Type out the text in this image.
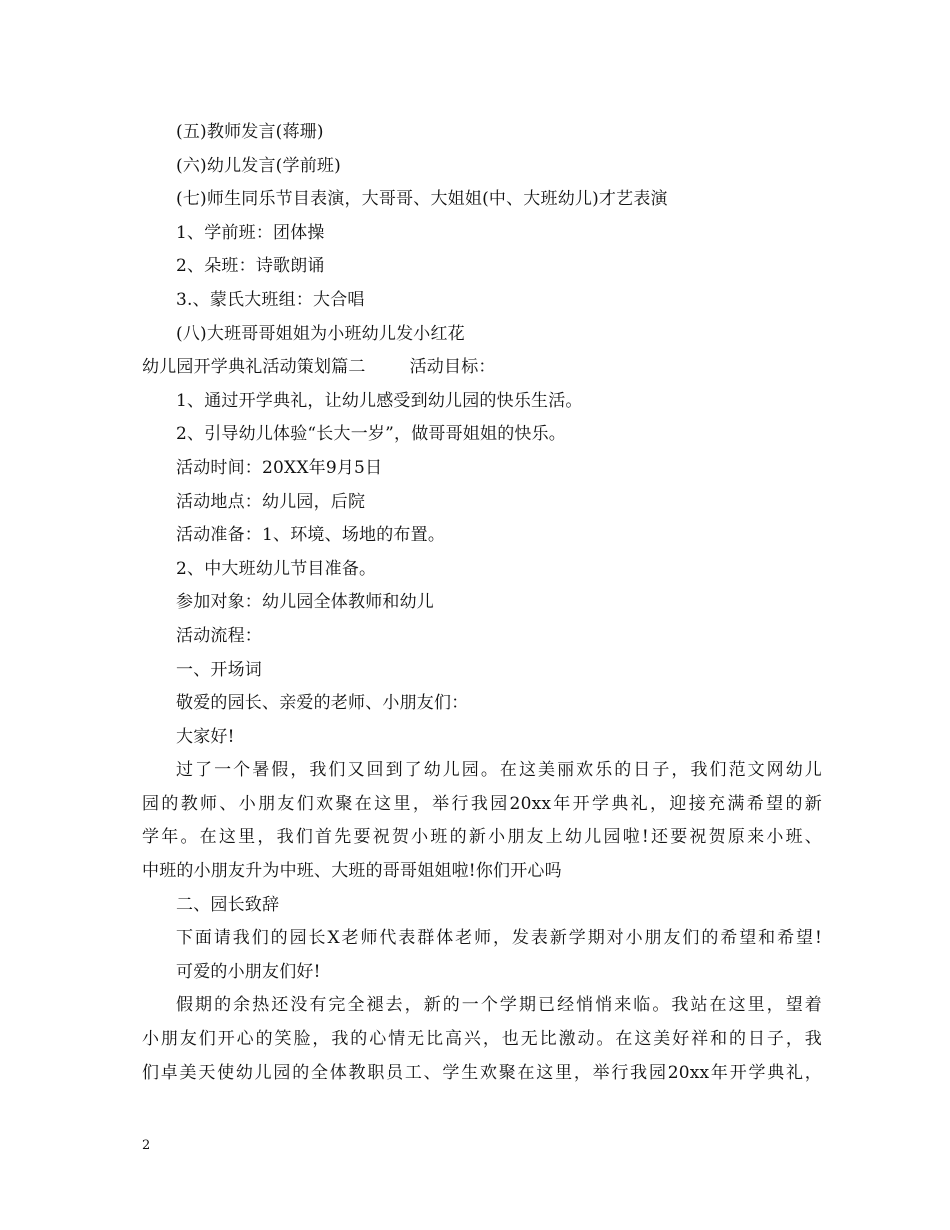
(五)教师发言(蒋珊)
(六)幼儿发言(学前班)
(七)师生同乐节目表演，大哥哥、大姐姐(中、大班幼儿)才艺表演
1、学前班：团体操
2、朵班：诗歌朗诵
3.、蒙氏大班组：大合唱
(八)大班哥哥姐姐为小班幼儿发小红花
幼儿园开学典礼活动策划篇二	活动目标：
1、通过开学典礼，让幼儿感受到幼儿园的快乐生活。
2、引导幼儿体验“长大一岁”，做哥哥姐姐的快乐。
活动时间：20XX年9月5日
活动地点：幼儿园，后院
活动准备：1、环境、场地的布置。
2、中大班幼儿节目准备。
参加对象：幼儿园全体教师和幼儿
活动流程：
一、开场词
敬爱的园长、亲爱的老师、小朋友们：
大家好!
过了一个暑假，我们又回到了幼儿园。在这美丽欢乐的日子，我们范文网幼儿
园的教师、小朋友们欢聚在这里，举行我园20xx年开学典礼，迎接充满希望的新
学年。在这里，我们首先要祝贺小班的新小朋友上幼儿园啦!还要祝贺原来小班、
中班的小朋友升为中班、大班的哥哥姐姐啦!你们开心吗
二、园长致辞
下面请我们的园长X老师代表群体老师，发表新学期对小朋友们的希望和希望!
可爱的小朋友们好!
假期的余热还没有完全褪去，新的一个学期已经悄悄来临。我站在这里，望着
小朋友们开心的笑脸，我的心情无比高兴，也无比激动。在这美好祥和的日子，我
们卓美天使幼儿园的全体教职员工、学生欢聚在这里，举行我园20xx年开学典礼，
2
